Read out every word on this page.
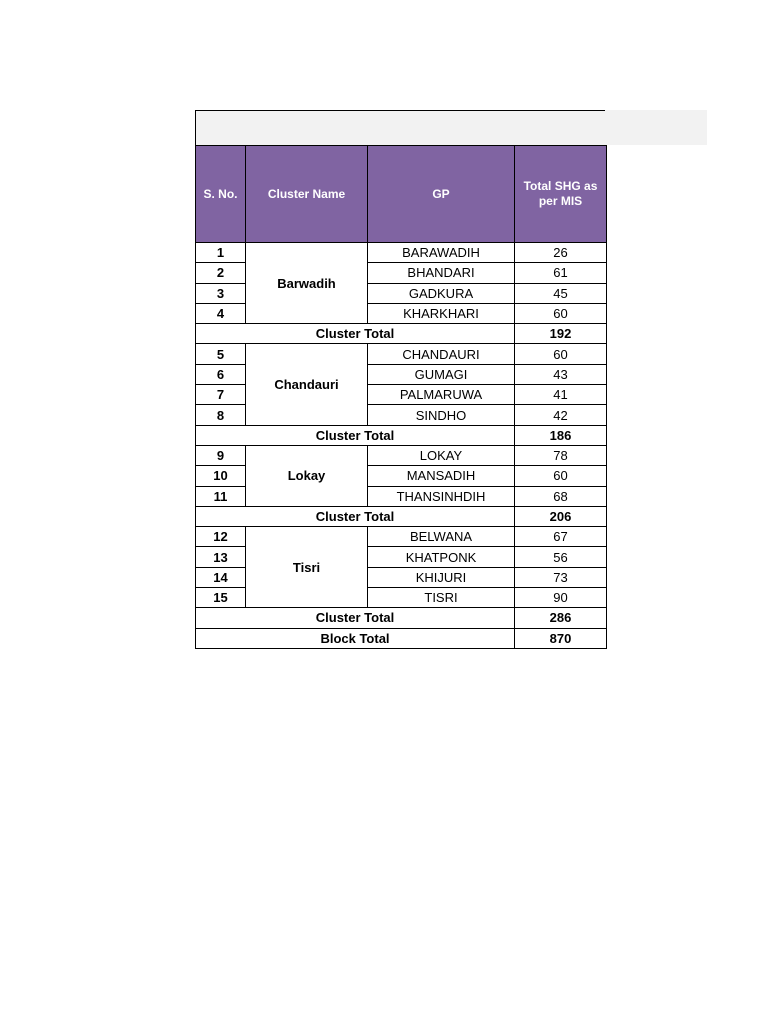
S. No.	Cluster Name	GP	Total SHG as per MIS
1	Barwadih	BARAWADIH	26
2		BHANDARI	61
3		GADKURA	45
4		KHARKHARI	60
Cluster Total			192
5	Chandauri	CHANDAURI	60
6		GUMAGI	43
7		PALMARUWA	41
8		SINDHO	42
Cluster Total			186
9	Lokay	LOKAY	78
10		MANSADIH	60
11		THANSINHDIH	68
Cluster Total			206
12	Tisri	BELWANA	67
13		KHATPONK	56
14		KHIJURI	73
15		TISRI	90
Cluster Total			286
Block Total			870
